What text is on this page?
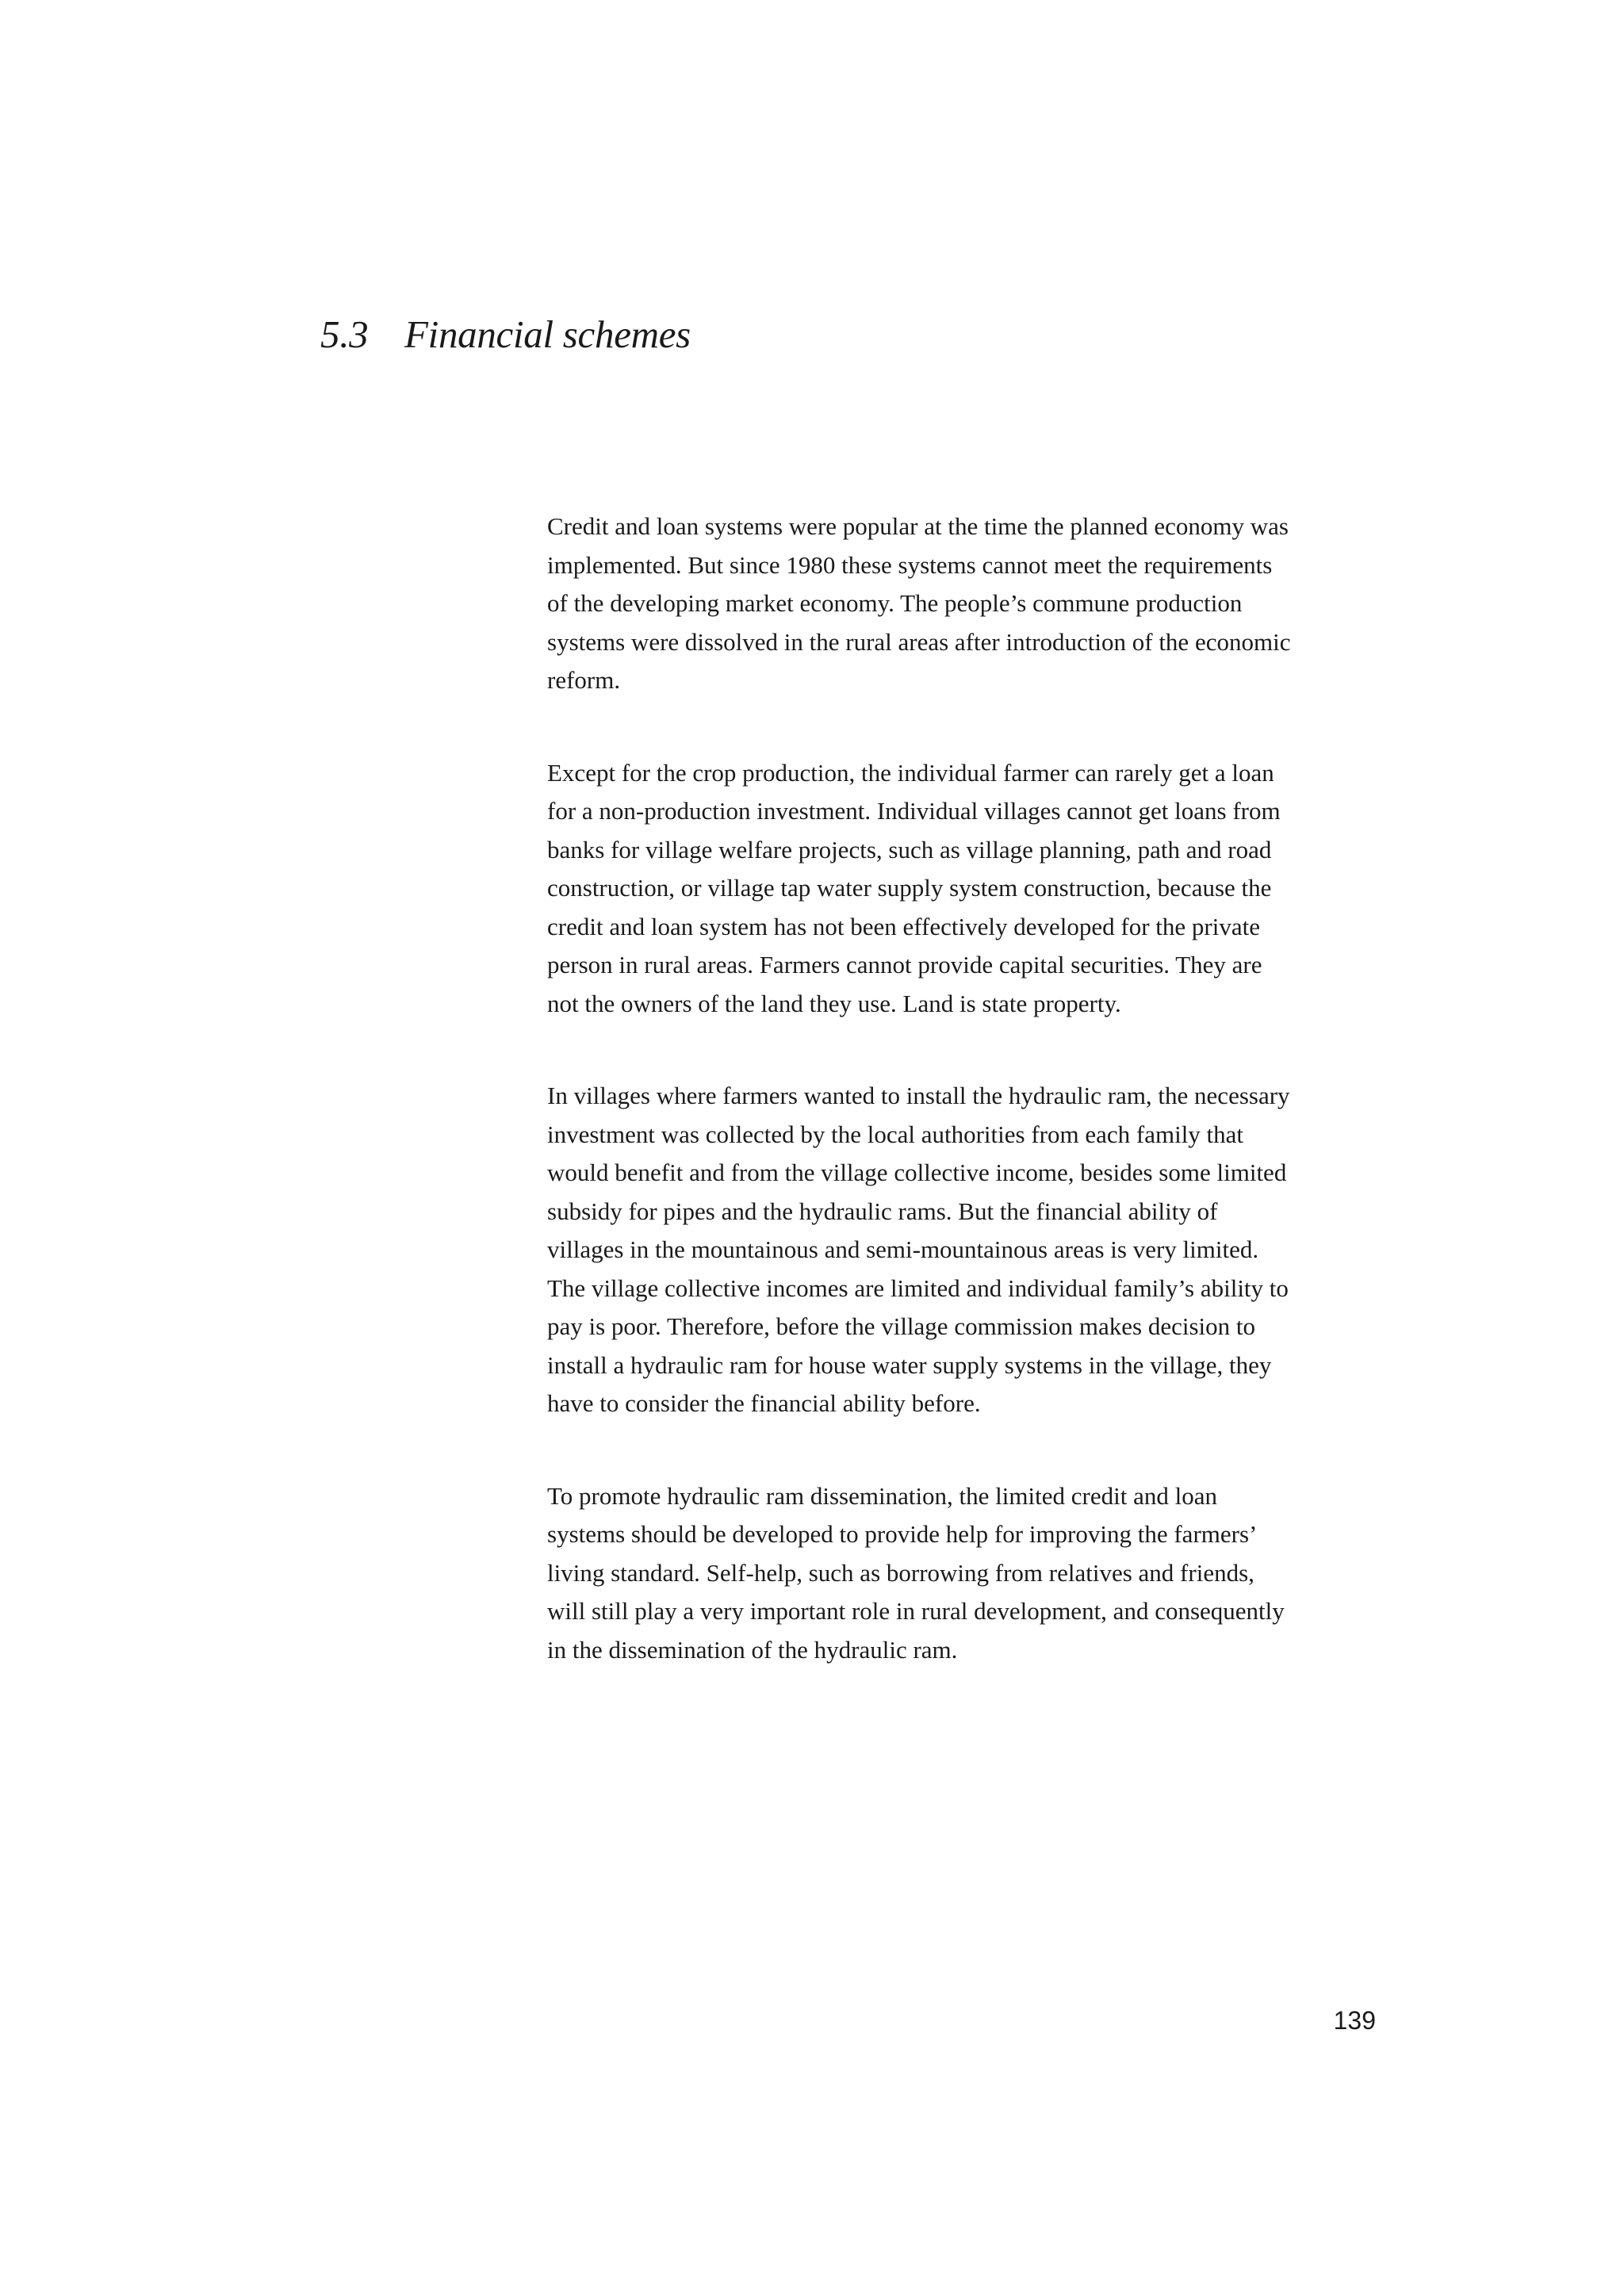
5.3 Financial schemes

Credit and loan systems were popular at the time the planned economy was
implemented. But since 1980 these systems cannot meet the requirements
of the developing market economy. The people’s commune production
systems were dissolved in the rural areas after introduction of the economic
reform.

Except for the crop production, the individual farmer can rarely get a loan
for a non-production investment. Individual villages cannot get loans from
banks for village welfare projects, such as village planning, path and road
construction, or village tap water supply system construction, because the
credit and loan system has not been effectively developed for the private
person in rural areas. Farmers cannot provide capital securities. They are
not the owners of the land they use. Land is state property.

In villages where farmers wanted to install the hydraulic ram, the necessary
investment was collected by the local authorities from each family that
would benefit and from the village collective income, besides some limited
subsidy for pipes and the hydraulic rams. But the financial ability of
villages in the mountainous and semi-mountainous areas is very limited.
The village collective incomes are limited and individual family’s ability to
pay is poor. Therefore, before the village commission makes decision to
install a hydraulic ram for house water supply systems in the village, they
have to consider the financial ability before.

To promote hydraulic ram dissemination, the limited credit and loan
systems should be developed to provide help for improving the farmers’
living standard. Self-help, such as borrowing from relatives and friends,
will still play a very important role in rural development, and consequently
in the dissemination of the hydraulic ram.

139
